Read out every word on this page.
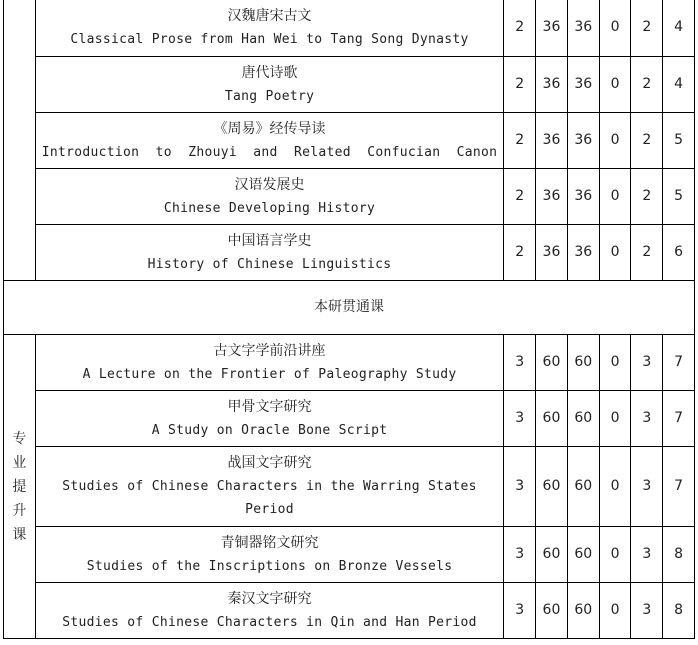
	汉魏唐宋古文
Classical Prose from Han Wei to Tang Song Dynasty	2	36	36	0	2	4

	唐代诗歌
Tang Poetry	2	36	36	0	2	4

	《周易》经传导读
Introduction to Zhouyi and Related Confucian Canon	2	36	36	0	2	5

	汉语发展史
Chinese Developing History	2	36	36	0	2	5

	中国语言学史
History of Chinese Linguistics	2	36	36	0	2	6
本研贯通课							

专业提升课	古文字学前沿讲座
A Lecture on the Frontier of Paleography Study	3	60	60	0	3	7

	甲骨文字研究
A Study on Oracle Bone Script	3	60	60	0	3	7

	战国文字研究
Studies of Chinese Characters in the Warring States Period	3	60	60	0	3	7

	青铜器铭文研究
Studies of the Inscriptions on Bronze Vessels	3	60	60	0	3	8

	秦汉文字研究
Studies of Chinese Characters in Qin and Han Period	3	60	60	0	3	8
